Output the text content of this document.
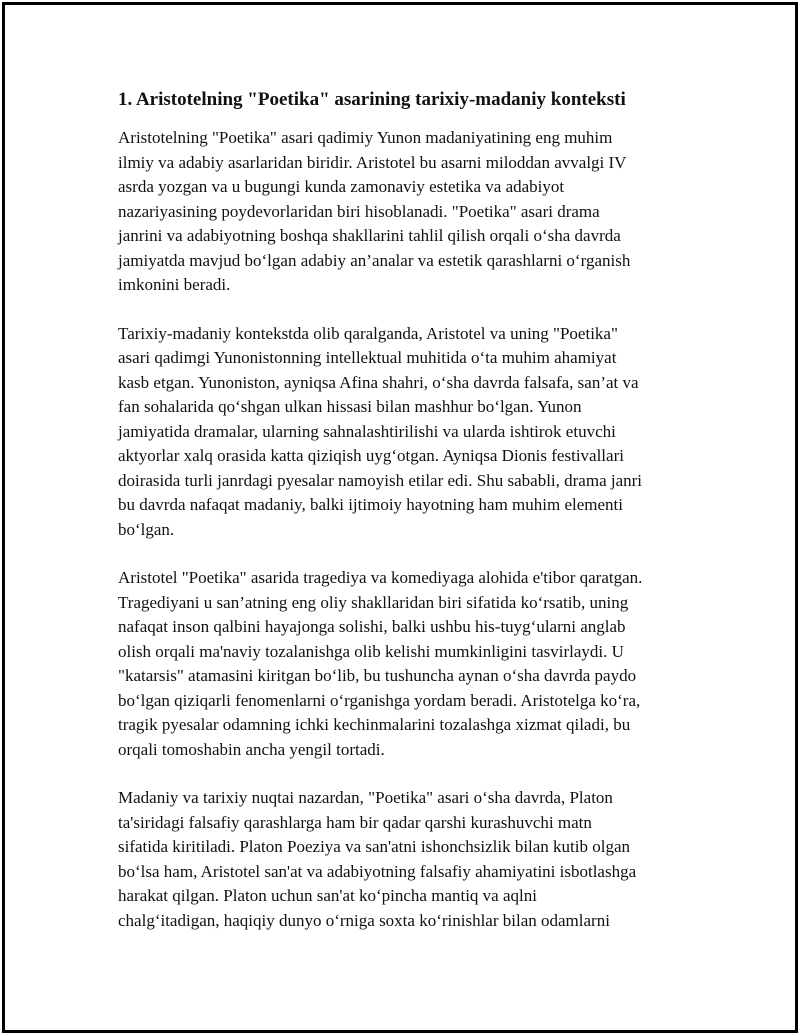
1. Aristotelning "Poetika" asarining tarixiy-madaniy konteksti

Aristotelning "Poetika" asari qadimiy Yunon madaniyatining eng muhim
ilmiy va adabiy asarlaridan biridir. Aristotel bu asarni miloddan avvalgi IV
asrda yozgan va u bugungi kunda zamonaviy estetika va adabiyot
nazariyasining poydevorlaridan biri hisoblanadi. "Poetika" asari drama
janrini va adabiyotning boshqa shakllarini tahlil qilish orqali oʻsha davrda
jamiyatda mavjud boʻlgan adabiy an’analar va estetik qarashlarni oʻrganish
imkonini beradi.

Tarixiy-madaniy kontekstda olib qaralganda, Aristotel va uning "Poetika"
asari qadimgi Yunonistonning intellektual muhitida oʻta muhim ahamiyat
kasb etgan. Yunoniston, ayniqsa Afina shahri, oʻsha davrda falsafa, san’at va
fan sohalarida qoʻshgan ulkan hissasi bilan mashhur boʻlgan. Yunon
jamiyatida dramalar, ularning sahnalashtirilishi va ularda ishtirok etuvchi
aktyorlar xalq orasida katta qiziqish uygʻotgan. Ayniqsa Dionis festivallari
doirasida turli janrdagi pyesalar namoyish etilar edi. Shu sababli, drama janri
bu davrda nafaqat madaniy, balki ijtimoiy hayotning ham muhim elementi
boʻlgan.

Aristotel "Poetika" asarida tragediya va komediyaga alohida e'tibor qaratgan.
Tragediyani u san’atning eng oliy shakllaridan biri sifatida koʻrsatib, uning
nafaqat inson qalbini hayajonga solishi, balki ushbu his-tuygʻularni anglab
olish orqali ma'naviy tozalanishga olib kelishi mumkinligini tasvirlaydi. U
"katarsis" atamasini kiritgan boʻlib, bu tushuncha aynan oʻsha davrda paydo
boʻlgan qiziqarli fenomenlarni oʻrganishga yordam beradi. Aristotelga koʻra,
tragik pyesalar odamning ichki kechinmalarini tozalashga xizmat qiladi, bu
orqali tomoshabin ancha yengil tortadi.

Madaniy va tarixiy nuqtai nazardan, "Poetika" asari oʻsha davrda, Platon
ta'siridagi falsafiy qarashlarga ham bir qadar qarshi kurashuvchi matn
sifatida kiritiladi. Platon Poeziya va san'atni ishonchsizlik bilan kutib olgan
boʻlsa ham, Aristotel san'at va adabiyotning falsafiy ahamiyatini isbotlashga
harakat qilgan. Platon uchun san'at koʻpincha mantiq va aqlni
chalgʻitadigan, haqiqiy dunyo oʻrniga soxta koʻrinishlar bilan odamlarni
